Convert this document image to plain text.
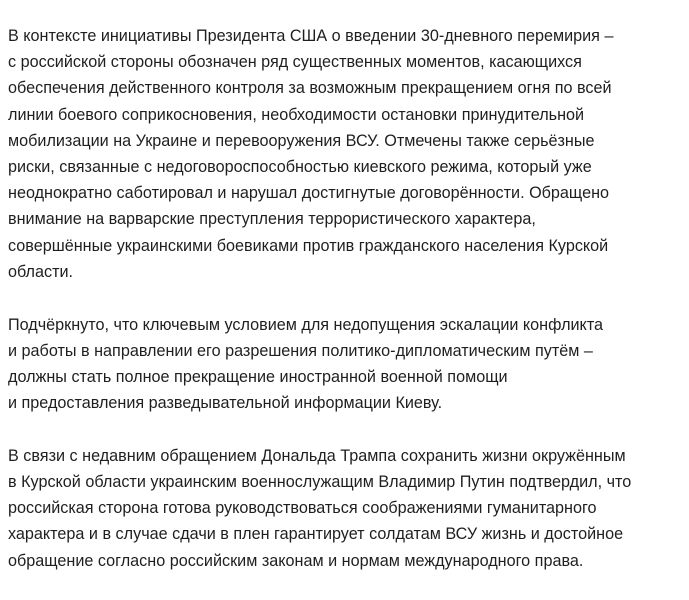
В контексте инициативы Президента США о введении 30-дневного перемирия –
с российской стороны обозначен ряд существенных моментов, касающихся
обеспечения действенного контроля за возможным прекращением огня по всей
линии боевого соприкосновения, необходимости остановки принудительной
мобилизации на Украине и перевооружения ВСУ. Отмечены также серьёзные
риски, связанные с недоговороспособностью киевского режима, который уже
неоднократно саботировал и нарушал достигнутые договорённости. Обращено
внимание на варварские преступления террористического характера,
совершённые украинскими боевиками против гражданского населения Курской
области.

Подчёркнуто, что ключевым условием для недопущения эскалации конфликта
и работы в направлении его разрешения политико-дипломатическим путём –
должны стать полное прекращение иностранной военной помощи
и предоставления разведывательной информации Киеву.

В связи с недавним обращением Дональда Трампа сохранить жизни окружённым
в Курской области украинским военнослужащим Владимир Путин подтвердил, что
российская сторона готова руководствоваться соображениями гуманитарного
характера и в случае сдачи в плен гарантирует солдатам ВСУ жизнь и достойное
обращение согласно российским законам и нормам международного права.
